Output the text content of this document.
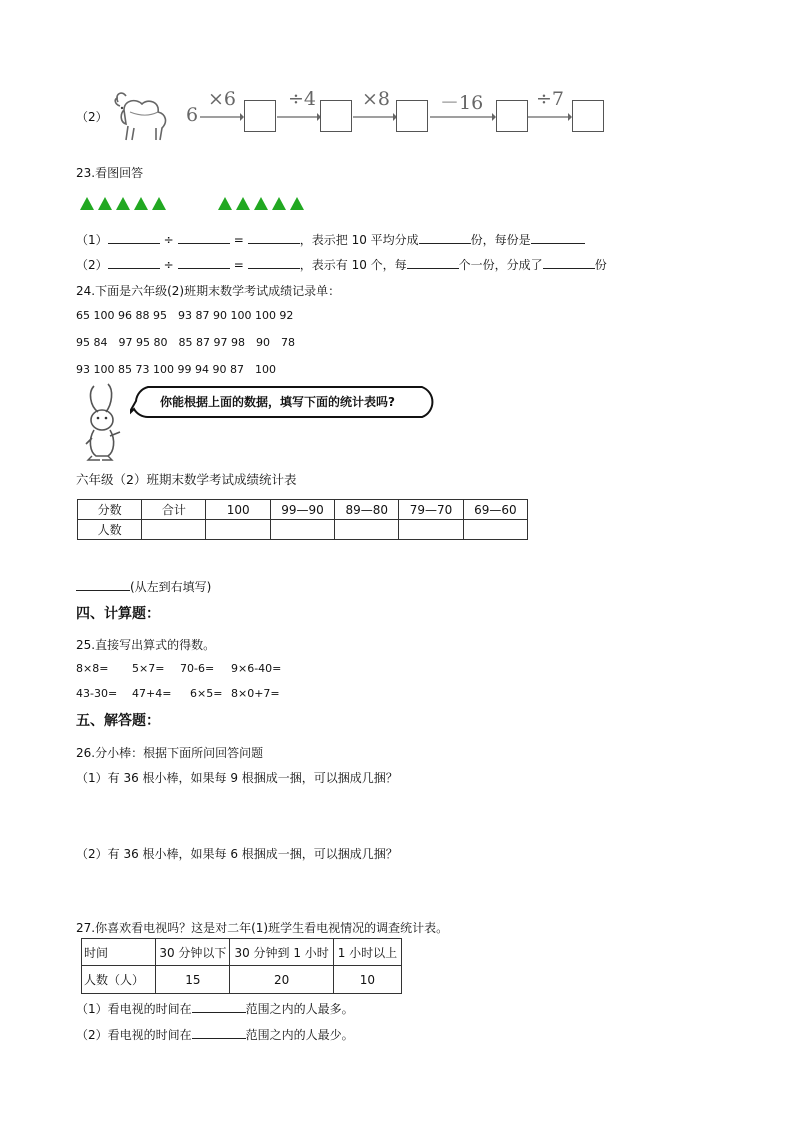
（2）	6
×6	÷4 ×8	－16	÷7
23.看图回答
（1）	÷	=	，表示把 10 平均分成	份，每份是
（2）	÷	=	，表示有 10 个，每	个一份，分成了	份
24.下面是六年级(2)班期末数学考试成绩记录单：
65 100 96 88 95　93 87 90 100 100 92
95 84　97 95 80　85 87 97 98　90　78
93 100 85 73 100 99 94 90 87　100
你能根据上面的数据，填写下面的统计表吗?
六年级（2）班期末数学考试成绩统计表
分数	合计	100	99—90	89—80	79—70	69—60
人数						
(从左到右填写)
四、计算题：
25.直接写出算式的得数。
8×8= 5×7= 70-6= 9×6-40=
43-30= 47+4= 6×5= 8×0+7=
五、解答题：
26.分小棒：根据下面所问回答问题
（1）有 36 根小棒，如果每 9 根捆成一捆，可以捆成几捆？
（2）有 36 根小棒，如果每 6 根捆成一捆，可以捆成几捆？
27.你喜欢看电视吗？这是对二年(1)班学生看电视情况的调查统计表。
时间	30 分钟以下	30 分钟到 1 小时	1 小时以上
人数（人）	15	20	10
（1）看电视的时间在	范围之内的人最多。
（2）看电视的时间在	范围之内的人最少。
